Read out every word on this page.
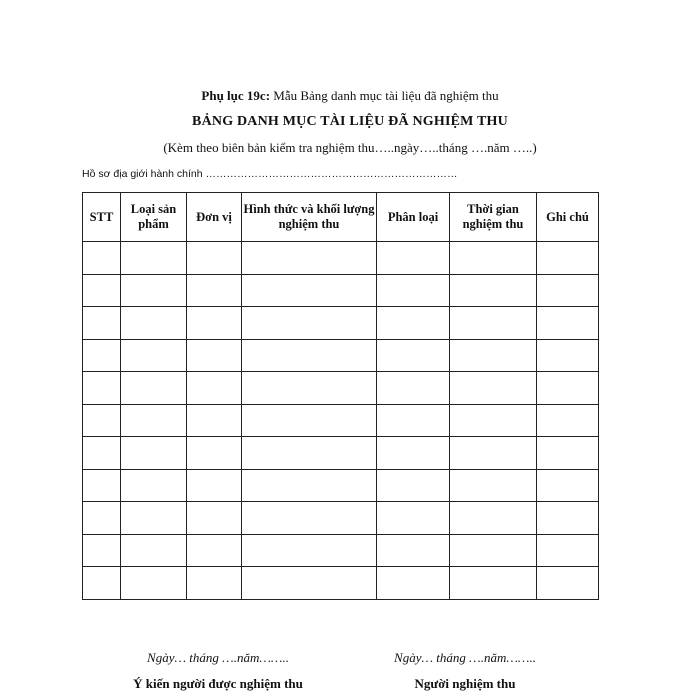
Phụ lục 19c: Mẫu Bảng danh mục tài liệu đã nghiệm thu
BẢNG DANH MỤC TÀI LIỆU ĐÃ NGHIỆM THU
(Kèm theo biên bản kiểm tra nghiệm thu…..ngày…..tháng ….năm …..)
Hồ sơ địa giới hành chính ………………………………………………………………
STT	Loại sản phẩm	Đơn vị	Hình thức và khối lượng nghiệm thu	Phân loại	Thời gian nghiệm thu	Ghi chú

Ngày… tháng ….năm……..
Ý kiến người được nghiệm thu
Ngày… tháng ….năm……..
Người nghiệm thu
